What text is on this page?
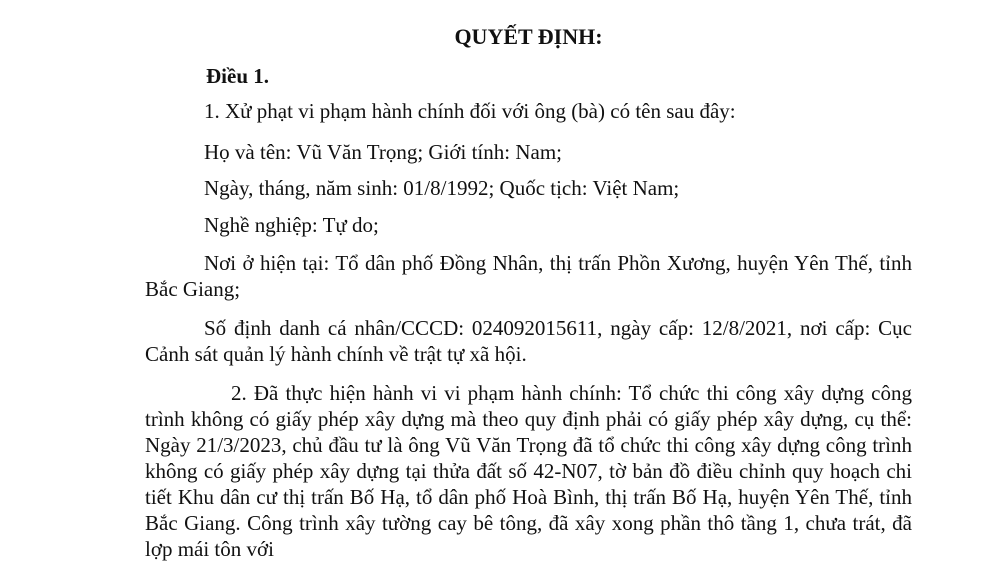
QUYẾT ĐỊNH:

Điều 1.

1. Xử phạt vi phạm hành chính đối với ông (bà) có tên sau đây:

Họ và tên: Vũ Văn Trọng; Giới tính: Nam;

Ngày, tháng, năm sinh: 01/8/1992; Quốc tịch: Việt Nam;

Nghề nghiệp: Tự do;

Nơi ở hiện tại: Tổ dân phố Đồng Nhân, thị trấn Phồn Xương, huyện Yên Thế, tỉnh Bắc Giang;

Số định danh cá nhân/CCCD: 024092015611, ngày cấp: 12/8/2021, nơi cấp: Cục Cảnh sát quản lý hành chính về trật tự xã hội.

2. Đã thực hiện hành vi vi phạm hành chính: Tổ chức thi công xây dựng công trình không có giấy phép xây dựng mà theo quy định phải có giấy phép xây dựng, cụ thể: Ngày 21/3/2023, chủ đầu tư là ông Vũ Văn Trọng đã tổ chức thi công xây dựng công trình không có giấy phép xây dựng tại thửa đất số 42-N07, tờ bản đồ điều chỉnh quy hoạch chi tiết Khu dân cư thị trấn Bố Hạ, tổ dân phố Hoà Bình, thị trấn Bố Hạ, huyện Yên Thế, tỉnh Bắc Giang. Công trình xây tường cay bê tông, đã xây xong phần thô tầng 1, chưa trát, đã lợp mái tôn với
